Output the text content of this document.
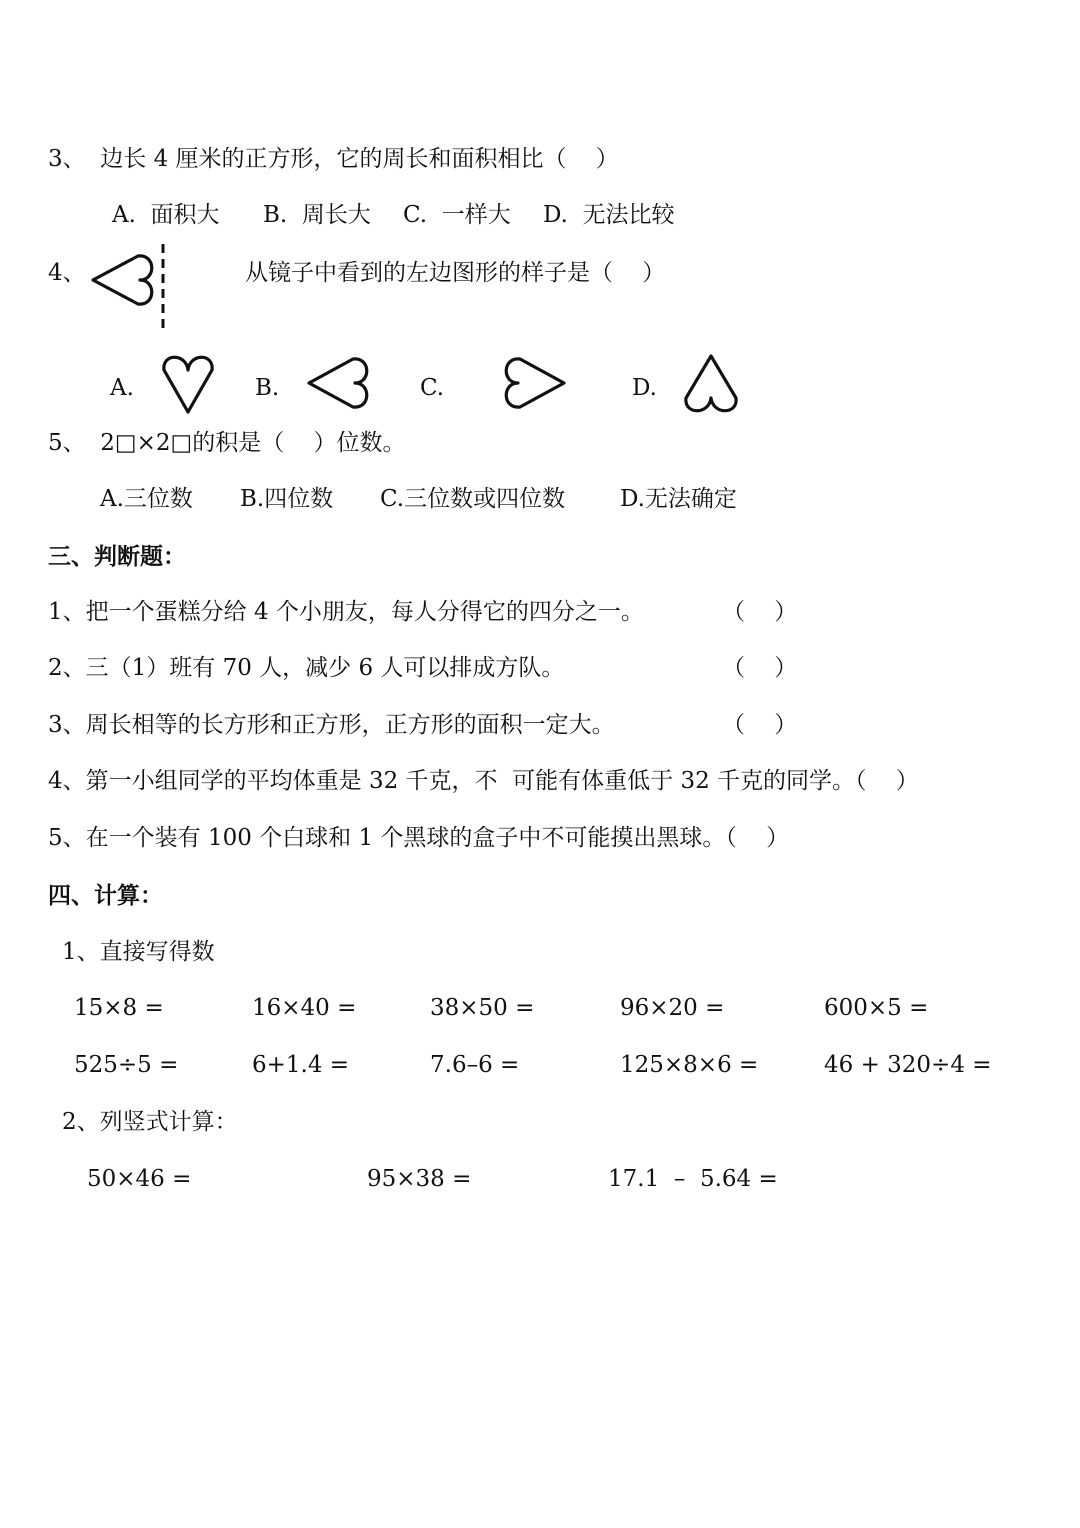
3、  边长 4 厘米的正方形，它的周长和面积相比（    ）
A.  面积大 B.  周长大 C.  一样大 D.  无法比较
4、	从镜子中看到的左边图形的样子是（    ）
A.	B.	C.	D.
5、  2□×2□的积是（    ）位数。
A.三位数 B.四位数 C.三位数或四位数 D.无法确定
三、判断题：
1、把一个蛋糕分给 4 个小朋友，每人分得它的四分之一。	（    ）
2、三（1）班有 70 人，减少 6 人可以排成方队。	（    ）
3、周长相等的长方形和正方形，正方形的面积一定大。	（    ）
4、第一小组同学的平均体重是 32 千克，不  可能有体重低于 32 千克的同学。（    ）
5、在一个装有 100 个白球和 1 个黑球的盒子中不可能摸出黑球。（    ）
四、计算：
1、直接写得数
15×8 =	16×40 =	38×50 =	96×20 =	600×5 =
525÷5 =	6+1.4 =	7.6–6 =	125×8×6 =	46 + 320÷4 =
2、列竖式计算：
50×46 =	95×38 =	17.1  –  5.64 =
